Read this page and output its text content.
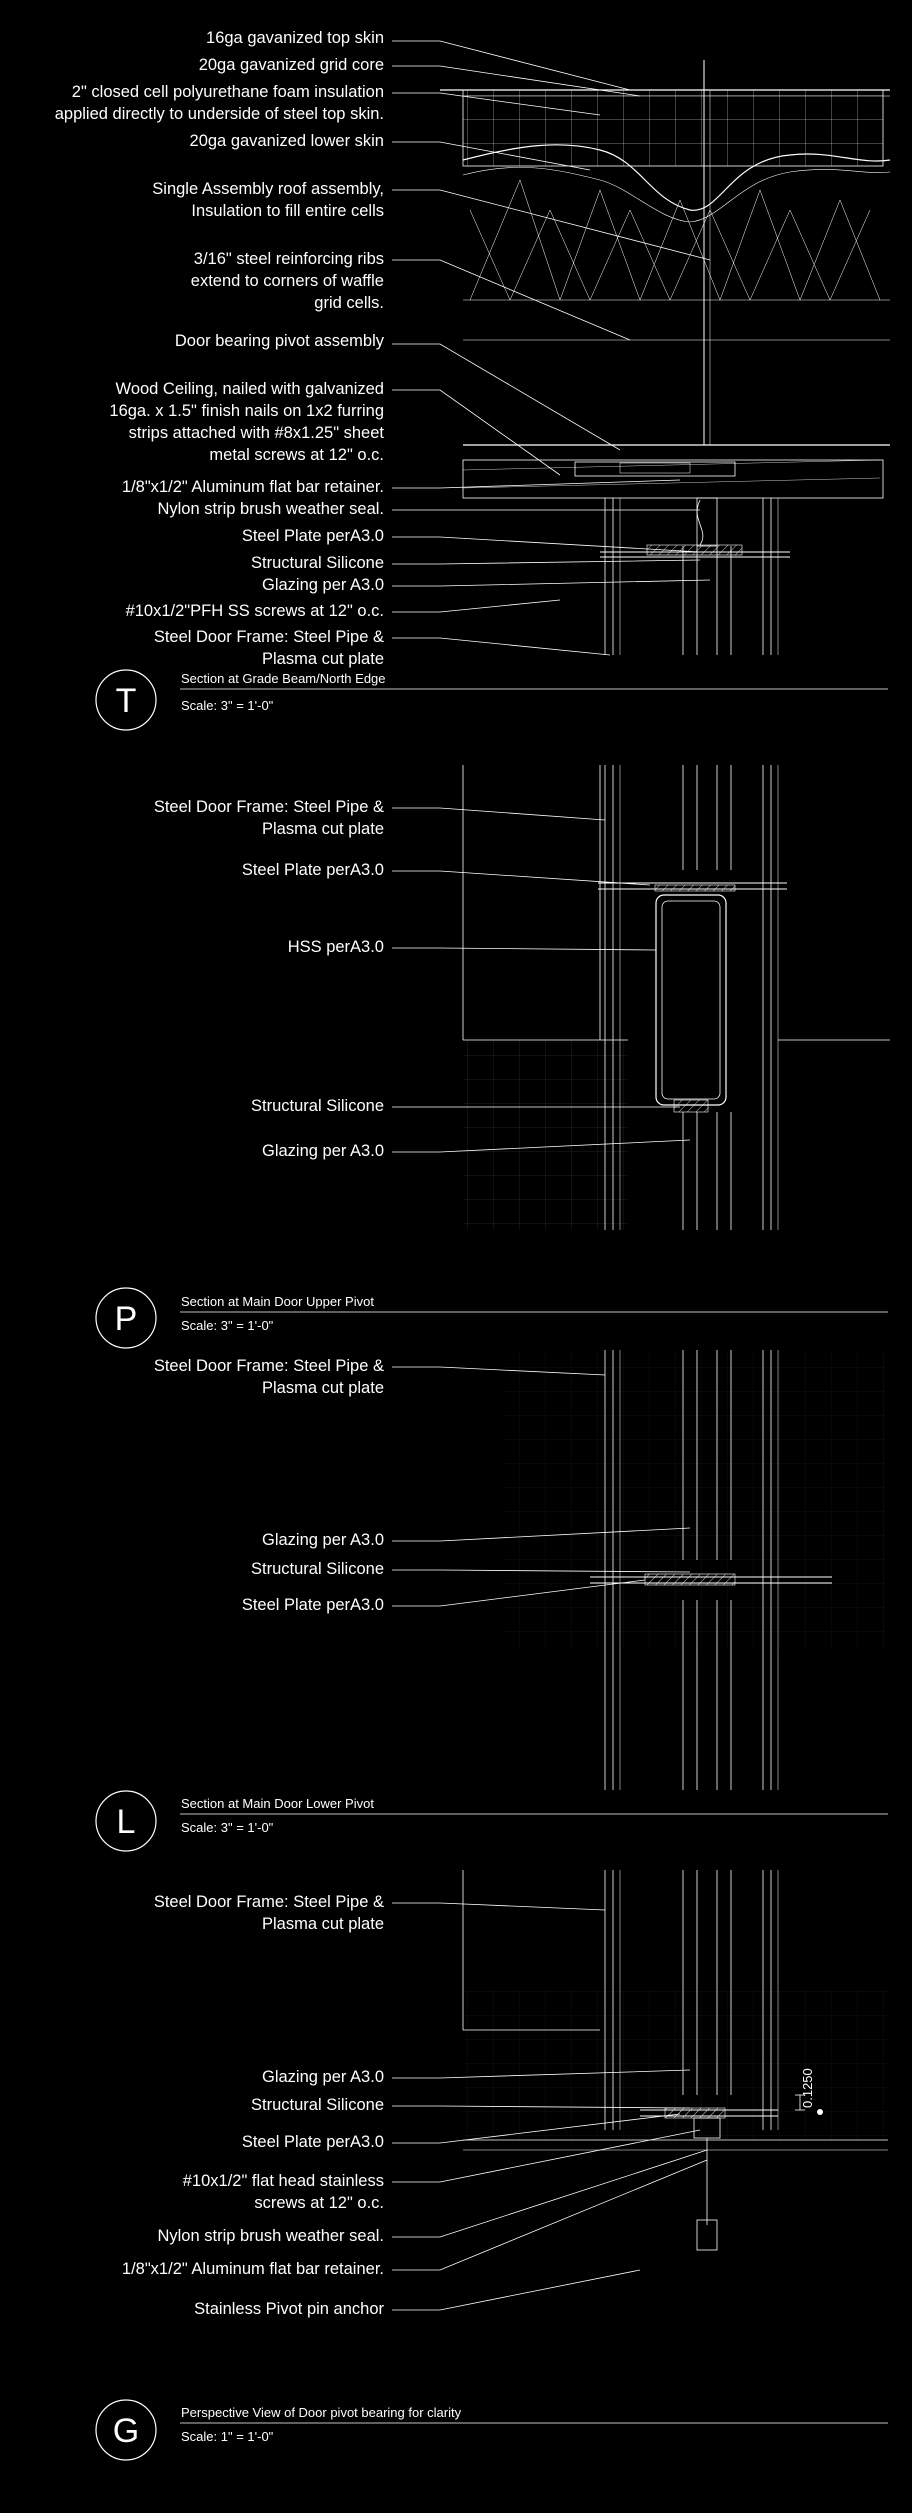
16ga gavanized top skin
20ga gavanized grid core
2" closed cell polyurethane foam insulation applied directly to underside of steel top skin.
20ga gavanized lower skin
Single Assembly roof assembly, Insulation to fill entire cells
3/16" steel reinforcing ribs extend to corners of waffle grid cells.
Door bearing pivot assembly
Wood Ceiling, nailed with galvanized 16ga. x 1.5" finish nails on 1x2 furring strips attached with #8x1.25" sheet metal screws at 12" o.c.
1/8"x1/2" Aluminum flat bar retainer.
Nylon strip brush weather seal.
Steel Plate perA3.0
Structural Silicone
Glazing per A3.0
#10x1/2"PFH SS screws at 12" o.c.
Steel Door Frame: Steel Pipe & Plasma cut plate
Steel Door Frame: Steel Pipe & Plasma cut plate
Steel Plate perA3.0
HSS perA3.0
Structural Silicone
Glazing per A3.0
Steel Door Frame: Steel Pipe & Plasma cut plate
Glazing per A3.0
Structural Silicone
Steel Plate perA3.0
Steel Door Frame: Steel Pipe & Plasma cut plate
Glazing per A3.0
Structural Silicone
Steel Plate perA3.0
#10x1/2" flat head stainless screws at 12" o.c.
Nylon strip brush weather seal.
1/8"x1/2" Aluminum flat bar retainer.
Stainless Pivot pin anchor
T
Section at Grade Beam/North Edge
Scale: 3" = 1'-0"
P	Section at Main Door Upper Pivot
Scale: 3" = 1'-0"
L	Section at Main Door Lower Pivot
Scale: 3" = 1'-0"
G	Perspective View of Door pivot bearing for clarity
Scale: 1" = 1'-0"
0.1250
